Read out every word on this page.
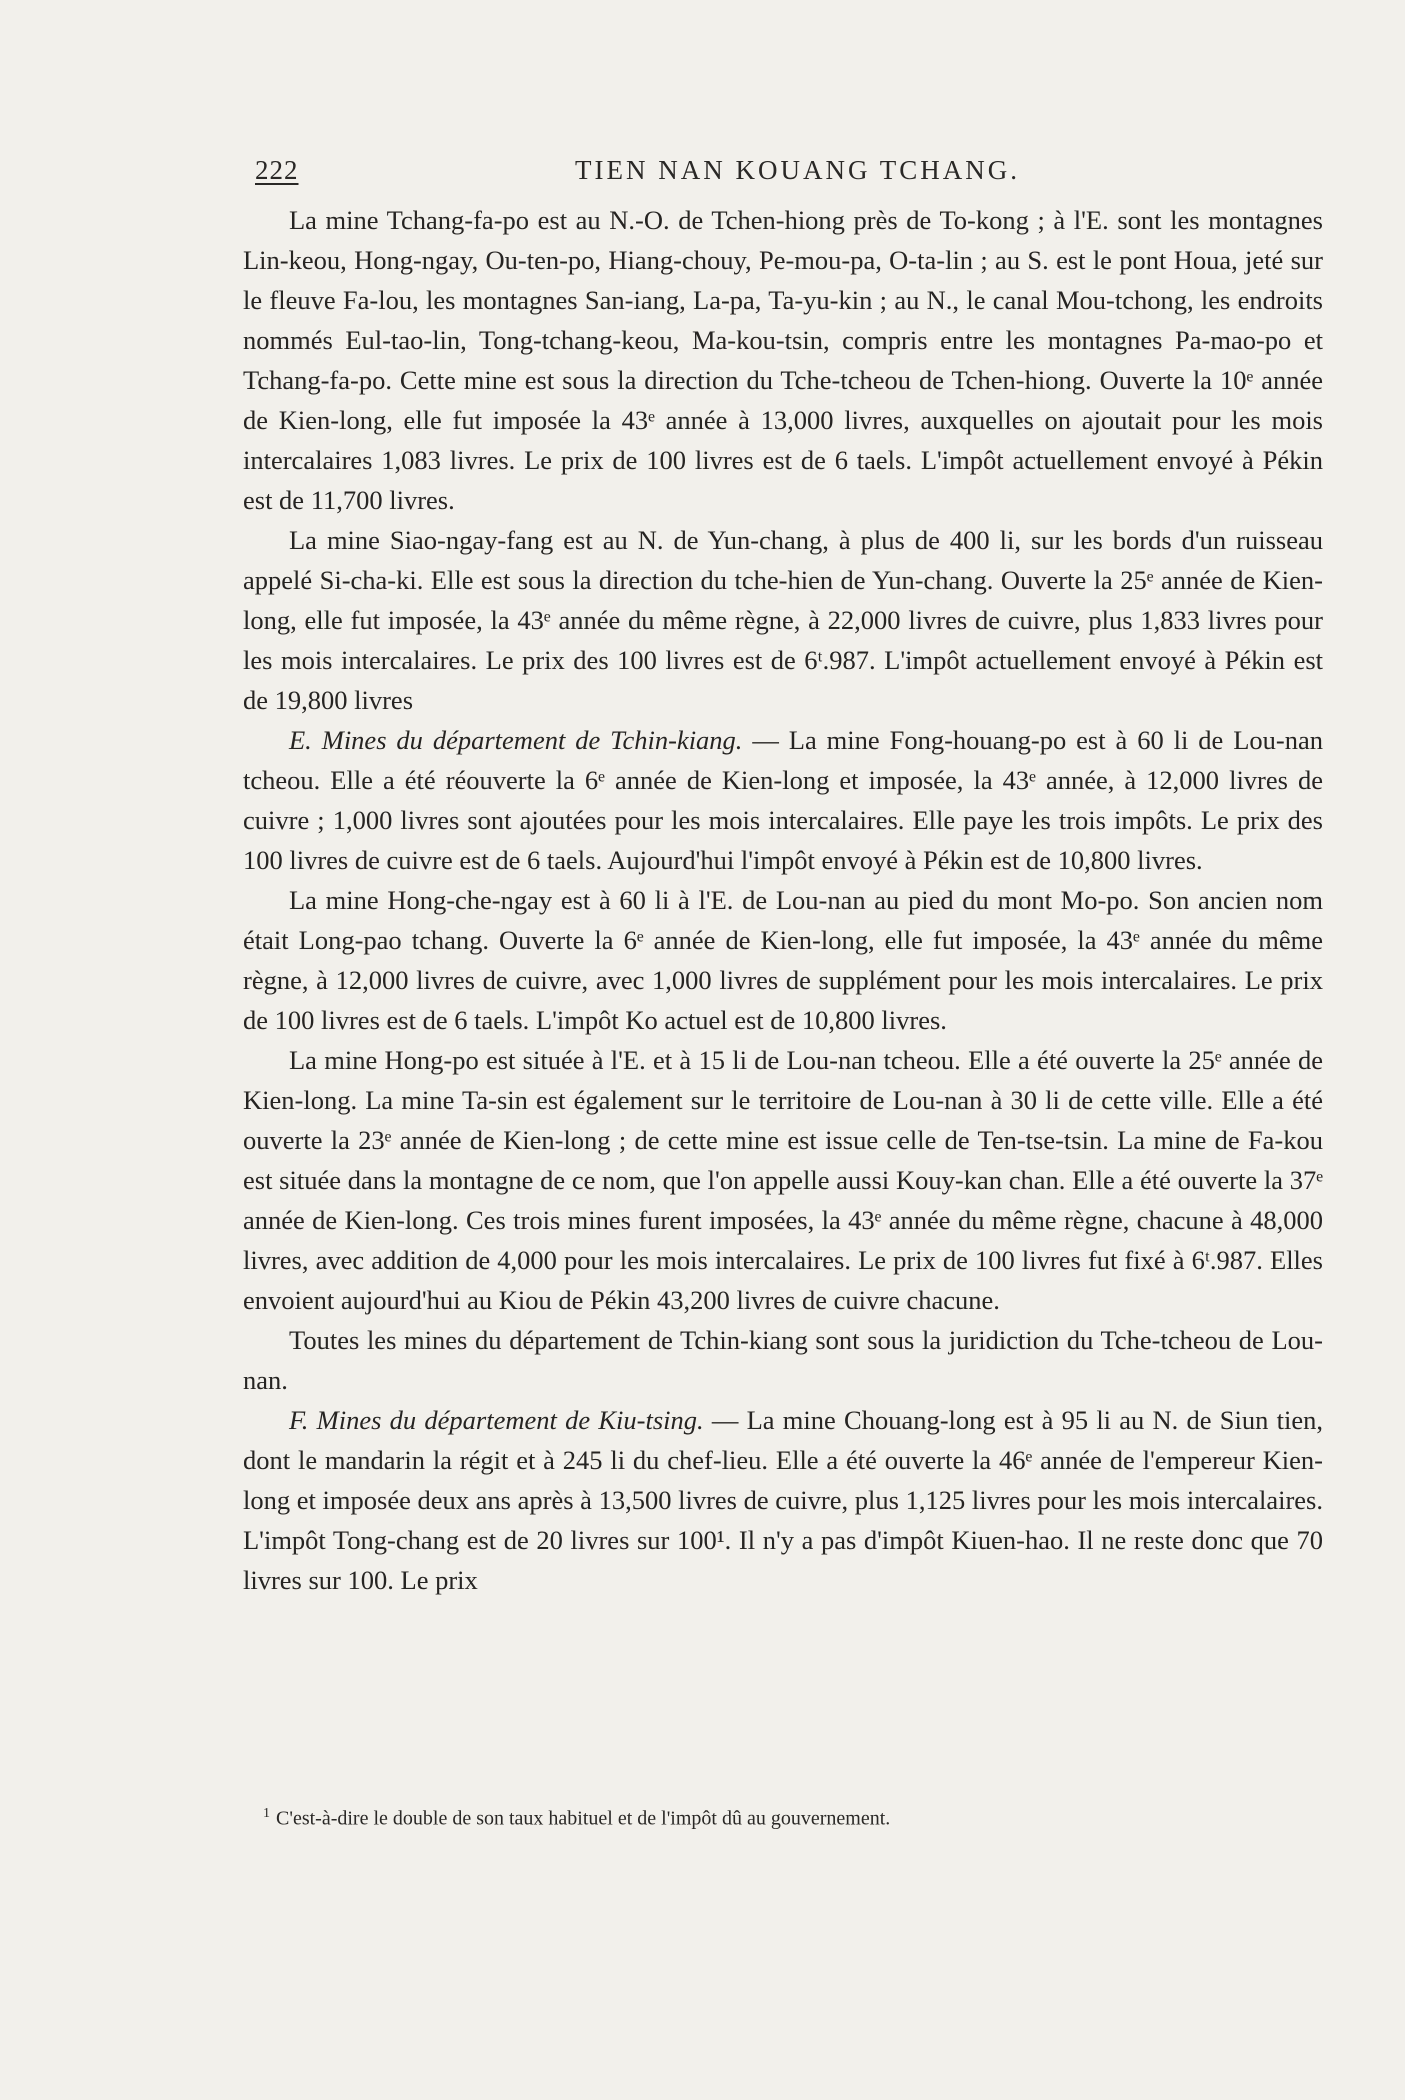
222	TIEN NAN KOUANG TCHANG.

La mine Tchang-fa-po est au N.-O. de Tchen-hiong près de To-kong ; à l'E. sont les montagnes Lin-keou, Hong-ngay, Ou-ten-po, Hiang-chouy, Pe-mou-pa, O-ta-lin ; au S. est le pont Houa, jeté sur le fleuve Fa-lou, les montagnes San-iang, La-pa, Ta-yu-kin ; au N., le canal Mou-tchong, les endroits nommés Eul-tao-lin, Tong-tchang-keou, Ma-kou-tsin, compris entre les montagnes Pa-mao-po et Tchang-fa-po. Cette mine est sous la direction du Tche-tcheou de Tchen-hiong. Ouverte la 10ᵉ année de Kien-long, elle fut imposée la 43ᵉ année à 13,000 livres, auxquelles on ajoutait pour les mois intercalaires 1,083 livres. Le prix de 100 livres est de 6 taels. L'impôt actuellement envoyé à Pékin est de 11,700 livres.

La mine Siao-ngay-fang est au N. de Yun-chang, à plus de 400 li, sur les bords d'un ruisseau appelé Si-cha-ki. Elle est sous la direction du tche-hien de Yun-chang. Ouverte la 25ᵉ année de Kien-long, elle fut imposée, la 43ᵉ année du même règne, à 22,000 livres de cuivre, plus 1,833 livres pour les mois intercalaires. Le prix des 100 livres est de 6ᵗ.987. L'impôt actuellement envoyé à Pékin est de 19,800 livres

E. Mines du département de Tchin-kiang. — La mine Fong-houang-po est à 60 li de Lou-nan tcheou. Elle a été réouverte la 6ᵉ année de Kien-long et imposée, la 43ᵉ année, à 12,000 livres de cuivre ; 1,000 livres sont ajoutées pour les mois intercalaires. Elle paye les trois impôts. Le prix des 100 livres de cuivre est de 6 taels. Aujourd'hui l'impôt envoyé à Pékin est de 10,800 livres.

La mine Hong-che-ngay est à 60 li à l'E. de Lou-nan au pied du mont Mo-po. Son ancien nom était Long-pao tchang. Ouverte la 6ᵉ année de Kien-long, elle fut imposée, la 43ᵉ année du même règne, à 12,000 livres de cuivre, avec 1,000 livres de supplément pour les mois intercalaires. Le prix de 100 livres est de 6 taels. L'impôt Ko actuel est de 10,800 livres.

La mine Hong-po est située à l'E. et à 15 li de Lou-nan tcheou. Elle a été ouverte la 25ᵉ année de Kien-long. La mine Ta-sin est également sur le territoire de Lou-nan à 30 li de cette ville. Elle a été ouverte la 23ᵉ année de Kien-long ; de cette mine est issue celle de Ten-tse-tsin. La mine de Fa-kou est située dans la montagne de ce nom, que l'on appelle aussi Kouy-kan chan. Elle a été ouverte la 37ᵉ année de Kien-long. Ces trois mines furent imposées, la 43ᵉ année du même règne, chacune à 48,000 livres, avec addition de 4,000 pour les mois intercalaires. Le prix de 100 livres fut fixé à 6ᵗ.987. Elles envoient aujourd'hui au Kiou de Pékin 43,200 livres de cuivre chacune.

Toutes les mines du département de Tchin-kiang sont sous la juridiction du Tche-tcheou de Lou-nan.

F. Mines du département de Kiu-tsing. — La mine Chouang-long est à 95 li au N. de Siun tien, dont le mandarin la régit et à 245 li du chef-lieu. Elle a été ouverte la 46ᵉ année de l'empereur Kien-long et imposée deux ans après à 13,500 livres de cuivre, plus 1,125 livres pour les mois intercalaires. L'impôt Tong-chang est de 20 livres sur 100¹. Il n'y a pas d'impôt Kiuen-hao. Il ne reste donc que 70 livres sur 100. Le prix

$^1$ C'est-à-dire le double de son taux habituel et de l'impôt dû au gouvernement.
